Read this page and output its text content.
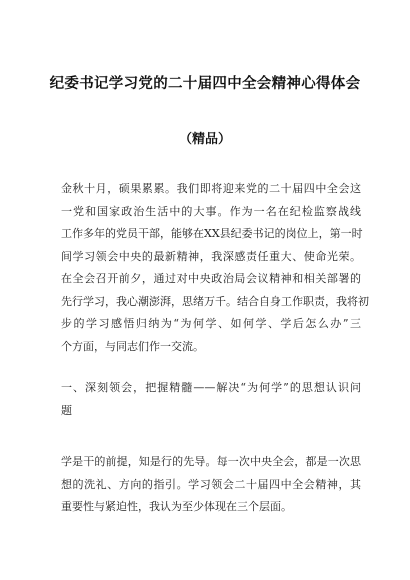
纪委书记学习党的二十届四中全会精神心得体会
（精品）
金秋十月，硕果累累。我们即将迎来党的二十届四中全会这
一党和国家政治生活中的大事。作为一名在纪检监察战线
工作多年的党员干部，能够在XX县纪委书记的岗位上，第一时
间学习领会中央的最新精神，我深感责任重大、使命光荣。
在全会召开前夕，通过对中央政治局会议精神和相关部署的
先行学习，我心潮澎湃，思绪万千。结合自身工作职责，我将初
步的学习感悟归纳为“为何学、如何学、学后怎么办”三
个方面，与同志们作一交流。
一、深刻领会，把握精髓——解决“为何学”的思想认识问
题
学是干的前提，知是行的先导。每一次中央全会，都是一次思
想的洗礼、方向的指引。学习领会二十届四中全会精神，其
重要性与紧迫性，我认为至少体现在三个层面。
